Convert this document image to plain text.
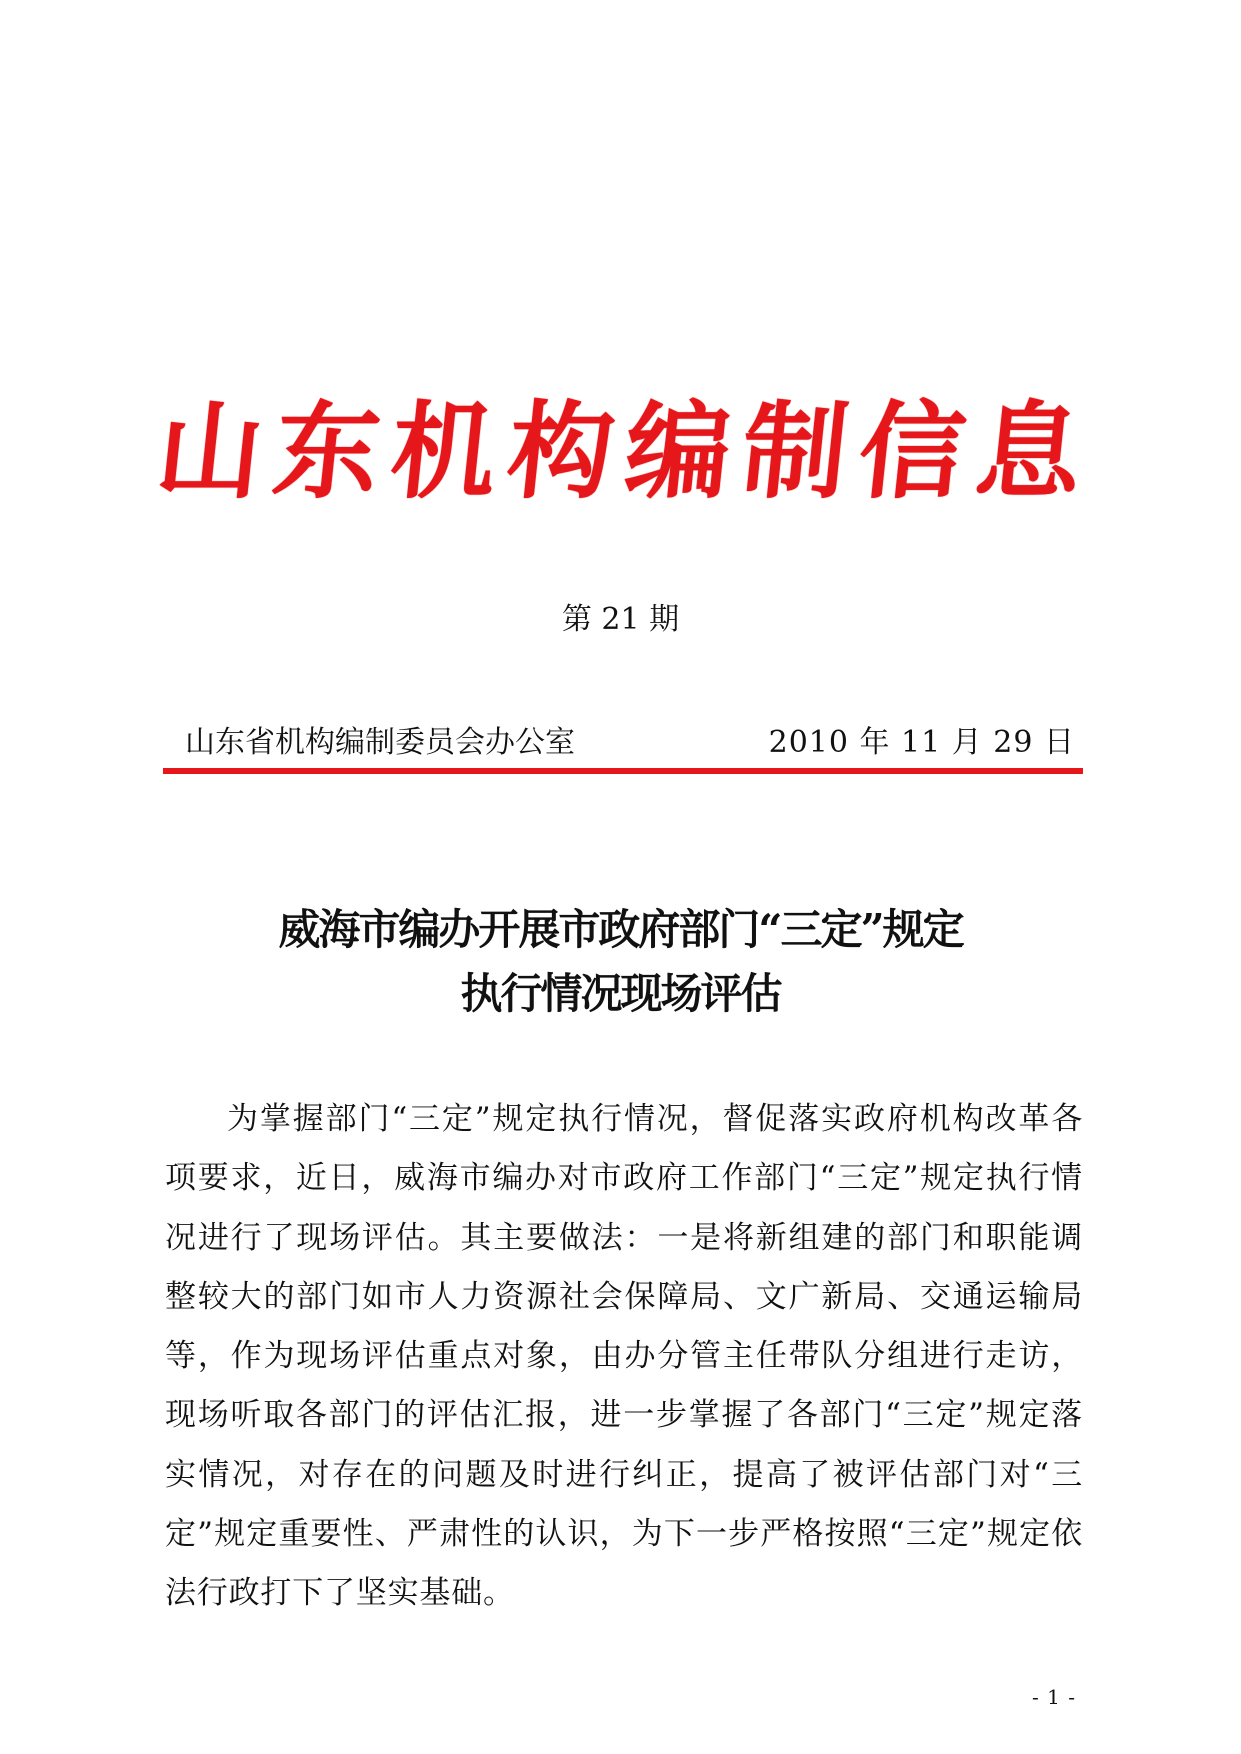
山
东
机
构
编
制
信
息
第 21 期
山东省机构编制委员会办公室	2010 年 11 月 29 日
威海市编办开展市政府部门“三定”规定
执行情况现场评估

为掌握部门“三定”规定执行情况，督促落实政府机构改革各项要求，近日，威海市编办对市政府工作部门“三定”规定执行情况进行了现场评估。其主要做法：一是将新组建的部门和职能调整较大的部门如市人力资源社会保障局、文广新局、交通运输局等，作为现场评估重点对象，由办分管主任带队分组进行走访，现场听取各部门的评估汇报，进一步掌握了各部门“三定”规定落实情况，对存在的问题及时进行纠正，提高了被评估部门对“三定”规定重要性、严肃性的认识，为下一步严格按照“三定”规定依法行政打下了坚实基础。

- 1 -
